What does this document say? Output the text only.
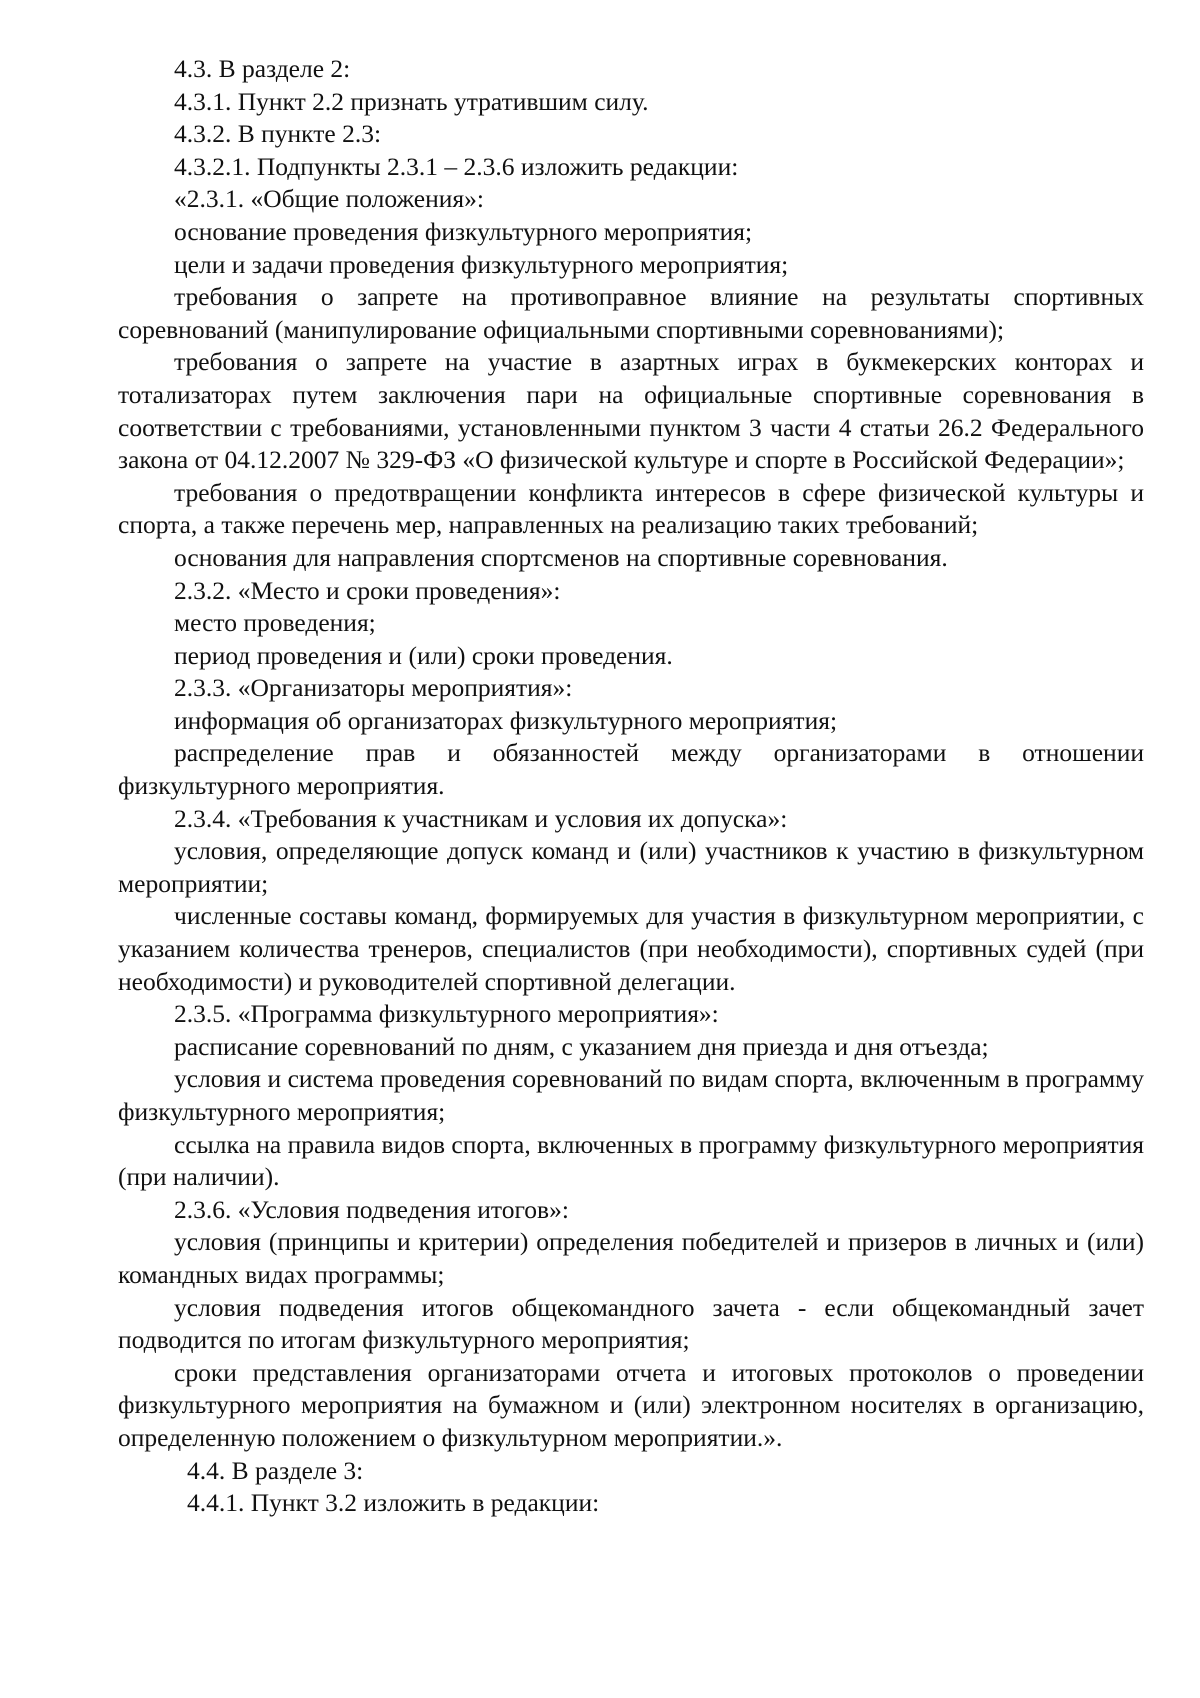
4.3. В разделе 2:

4.3.1. Пункт 2.2 признать утратившим силу.

4.3.2. В пункте 2.3:

4.3.2.1. Подпункты 2.3.1 – 2.3.6 изложить редакции:

«2.3.1. «Общие положения»:

основание проведения физкультурного мероприятия;

цели и задачи проведения физкультурного мероприятия;

требования о запрете на противоправное влияние на результаты спортивных соревнований (манипулирование официальными спортивными соревнованиями);

требования о запрете на участие в азартных играх в букмекерских конторах и тотализаторах путем заключения пари на официальные спортивные соревнования в соответствии с требованиями, установленными пунктом 3 части 4 статьи 26.2 Федерального закона от 04.12.2007 № 329-ФЗ «О физической культуре и спорте в Российской Федерации»;

требования о предотвращении конфликта интересов в сфере физической культуры и спорта, а также перечень мер, направленных на реализацию таких требований;

основания для направления спортсменов на спортивные соревнования.

2.3.2. «Место и сроки проведения»:

место проведения;

период проведения и (или) сроки проведения.

2.3.3. «Организаторы мероприятия»:

информация об организаторах физкультурного мероприятия;

распределение прав и обязанностей между организаторами в отношении физкультурного мероприятия.

2.3.4. «Требования к участникам и условия их допуска»:

условия, определяющие допуск команд и (или) участников к участию в физкультурном мероприятии;

численные составы команд, формируемых для участия в физкультурном мероприятии, с указанием количества тренеров, специалистов (при необходимости), спортивных судей (при необходимости) и руководителей спортивной делегации.

2.3.5. «Программа физкультурного мероприятия»:

расписание соревнований по дням, с указанием дня приезда и дня отъезда;

условия и система проведения соревнований по видам спорта, включенным в программу физкультурного мероприятия;

ссылка на правила видов спорта, включенных в программу физкультурного мероприятия (при наличии).

2.3.6. «Условия подведения итогов»:

условия (принципы и критерии) определения победителей и призеров в личных и (или) командных видах программы;

условия подведения итогов общекомандного зачета - если общекомандный зачет подводится по итогам физкультурного мероприятия;

сроки представления организаторами отчета и итоговых протоколов о проведении физкультурного мероприятия на бумажном и (или) электронном носителях в организацию, определенную положением о физкультурном мероприятии.».

4.4. В разделе 3:

4.4.1. Пункт 3.2 изложить в редакции:
